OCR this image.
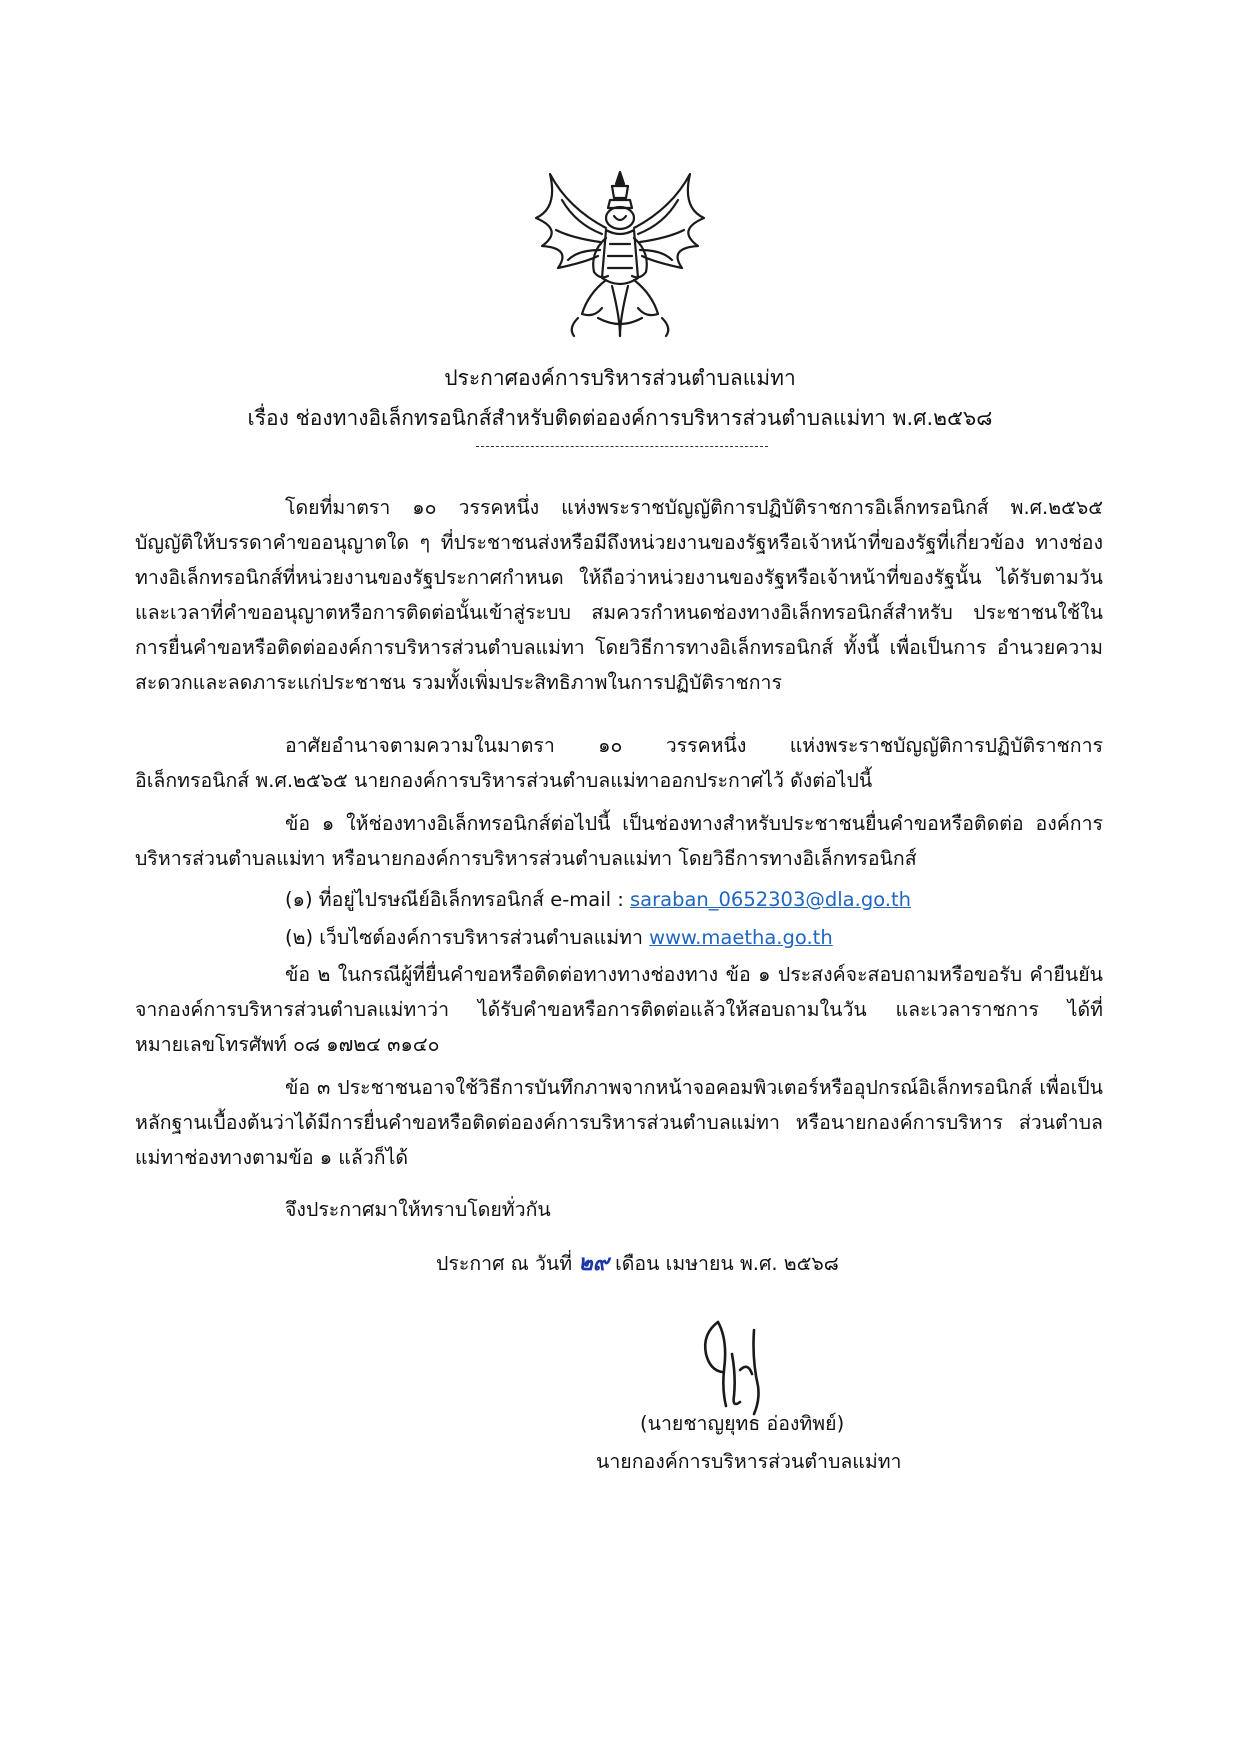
ประกาศองค์การบริหารส่วนตำบลแม่ทา
เรื่อง ช่องทางอิเล็กทรอนิกส์สำหรับติดต่อองค์การบริหารส่วนตำบลแม่ทา พ.ศ.๒๕๖๘
โดยที่มาตรา ๑๐ วรรคหนึ่ง แห่งพระราชบัญญัติการปฏิบัติราชการอิเล็กทรอนิกส์ พ.ศ.๒๕๖๕ บัญญัติให้บรรดาคำขออนุญาตใด ๆ ที่ประชาชนส่งหรือมีถึงหน่วยงานของรัฐหรือเจ้าหน้าที่ของรัฐที่เกี่ยวข้อง ทางช่องทางอิเล็กทรอนิกส์ที่หน่วยงานของรัฐประกาศกำหนด ให้ถือว่าหน่วยงานของรัฐหรือเจ้าหน้าที่ของรัฐนั้น ได้รับตามวันและเวลาที่คำขออนุญาตหรือการติดต่อนั้นเข้าสู่ระบบ สมควรกำหนดช่องทางอิเล็กทรอนิกส์สำหรับ ประชาชนใช้ในการยื่นคำขอหรือติดต่อองค์การบริหารส่วนตำบลแม่ทา โดยวิธีการทางอิเล็กทรอนิกส์ ทั้งนี้ เพื่อเป็นการ อำนวยความสะดวกและลดภาระแก่ประชาชน รวมทั้งเพิ่มประสิทธิภาพในการปฏิบัติราชการ
อาศัยอำนาจตามความในมาตรา ๑๐ วรรคหนึ่ง แห่งพระราชบัญญัติการปฏิบัติราชการ อิเล็กทรอนิกส์ พ.ศ.๒๕๖๕ นายกองค์การบริหารส่วนตำบลแม่ทาออกประกาศไว้ ดังต่อไปนี้
ข้อ ๑ ให้ช่องทางอิเล็กทรอนิกส์ต่อไปนี้ เป็นช่องทางสำหรับประชาชนยื่นคำขอหรือติดต่อ องค์การบริหารส่วนตำบลแม่ทา หรือนายกองค์การบริหารส่วนตำบลแม่ทา โดยวิธีการทางอิเล็กทรอนิกส์
(๑) ที่อยู่ไปรษณีย์อิเล็กทรอนิกส์ e-mail : saraban_0652303@dla.go.th
(๒) เว็บไซต์องค์การบริหารส่วนตำบลแม่ทา www.maetha.go.th
ข้อ ๒ ในกรณีผู้ที่ยื่นคำขอหรือติดต่อทางทางช่องทาง ข้อ ๑ ประสงค์จะสอบถามหรือขอรับ คำยืนยันจากองค์การบริหารส่วนตำบลแม่ทาว่า ได้รับคำขอหรือการติดต่อแล้วให้สอบถามในวัน และเวลาราชการ ได้ที่หมายเลขโทรศัพท์ ๐๘ ๑๗๒๔ ๓๑๔๐
ข้อ ๓ ประชาชนอาจใช้วิธีการบันทึกภาพจากหน้าจอคอมพิวเตอร์หรืออุปกรณ์อิเล็กทรอนิกส์ เพื่อเป็นหลักฐานเบื้องต้นว่าได้มีการยื่นคำขอหรือติดต่อองค์การบริหารส่วนตำบลแม่ทา หรือนายกองค์การบริหาร ส่วนตำบลแม่ทาช่องทางตามข้อ ๑ แล้วก็ได้
จึงประกาศมาให้ทราบโดยทั่วกัน
ประกาศ ณ วันที่ ๒๙ เดือน เมษายน พ.ศ. ๒๕๖๘
(นายชาญยุทธ อ่องทิพย์)
นายกองค์การบริหารส่วนตำบลแม่ทา
